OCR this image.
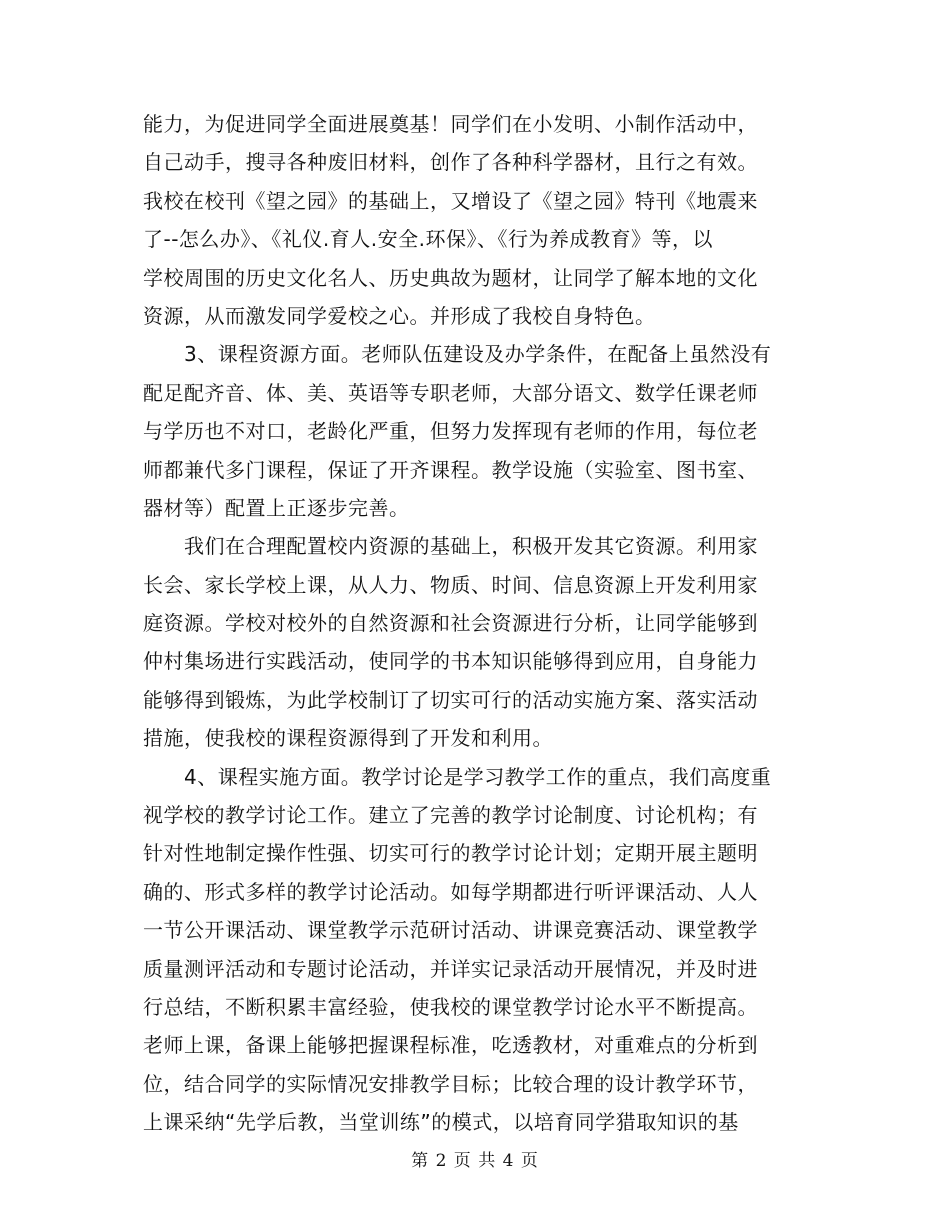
能力，为促进同学全面进展奠基！同学们在小发明、小制作活动中，
自己动手，搜寻各种废旧材料，创作了各种科学器材，且行之有效。
我校在校刊《望之园》的基础上，又增设了《望之园》特刊《地震来
了--怎么办》、《礼仪.育人.安全.环保》、《行为养成教育》等，以
学校周围的历史文化名人、历史典故为题材，让同学了解本地的文化
资源，从而激发同学爱校之心。并形成了我校自身特色。
　　3、课程资源方面。老师队伍建设及办学条件，在配备上虽然没有
配足配齐音、体、美、英语等专职老师，大部分语文、数学任课老师
与学历也不对口，老龄化严重，但努力发挥现有老师的作用，每位老
师都兼代多门课程，保证了开齐课程。教学设施（实验室、图书室、
器材等）配置上正逐步完善。
　　我们在合理配置校内资源的基础上，积极开发其它资源。利用家
长会、家长学校上课，从人力、物质、时间、信息资源上开发利用家
庭资源。学校对校外的自然资源和社会资源进行分析，让同学能够到
仲村集场进行实践活动，使同学的书本知识能够得到应用，自身能力
能够得到锻炼，为此学校制订了切实可行的活动实施方案、落实活动
措施，使我校的课程资源得到了开发和利用。
　　4、课程实施方面。教学讨论是学习教学工作的重点，我们高度重
视学校的教学讨论工作。建立了完善的教学讨论制度、讨论机构；有
针对性地制定操作性强、切实可行的教学讨论计划；定期开展主题明
确的、形式多样的教学讨论活动。如每学期都进行听评课活动、人人
一节公开课活动、课堂教学示范研讨活动、讲课竞赛活动、课堂教学
质量测评活动和专题讨论活动，并详实记录活动开展情况，并及时进
行总结，不断积累丰富经验，使我校的课堂教学讨论水平不断提高。
老师上课，备课上能够把握课程标准，吃透教材，对重难点的分析到
位，结合同学的实际情况安排教学目标；比较合理的设计教学环节，
上课采纳“先学后教，当堂训练”的模式，以培育同学猎取知识的基
第 2 页 共 4 页
